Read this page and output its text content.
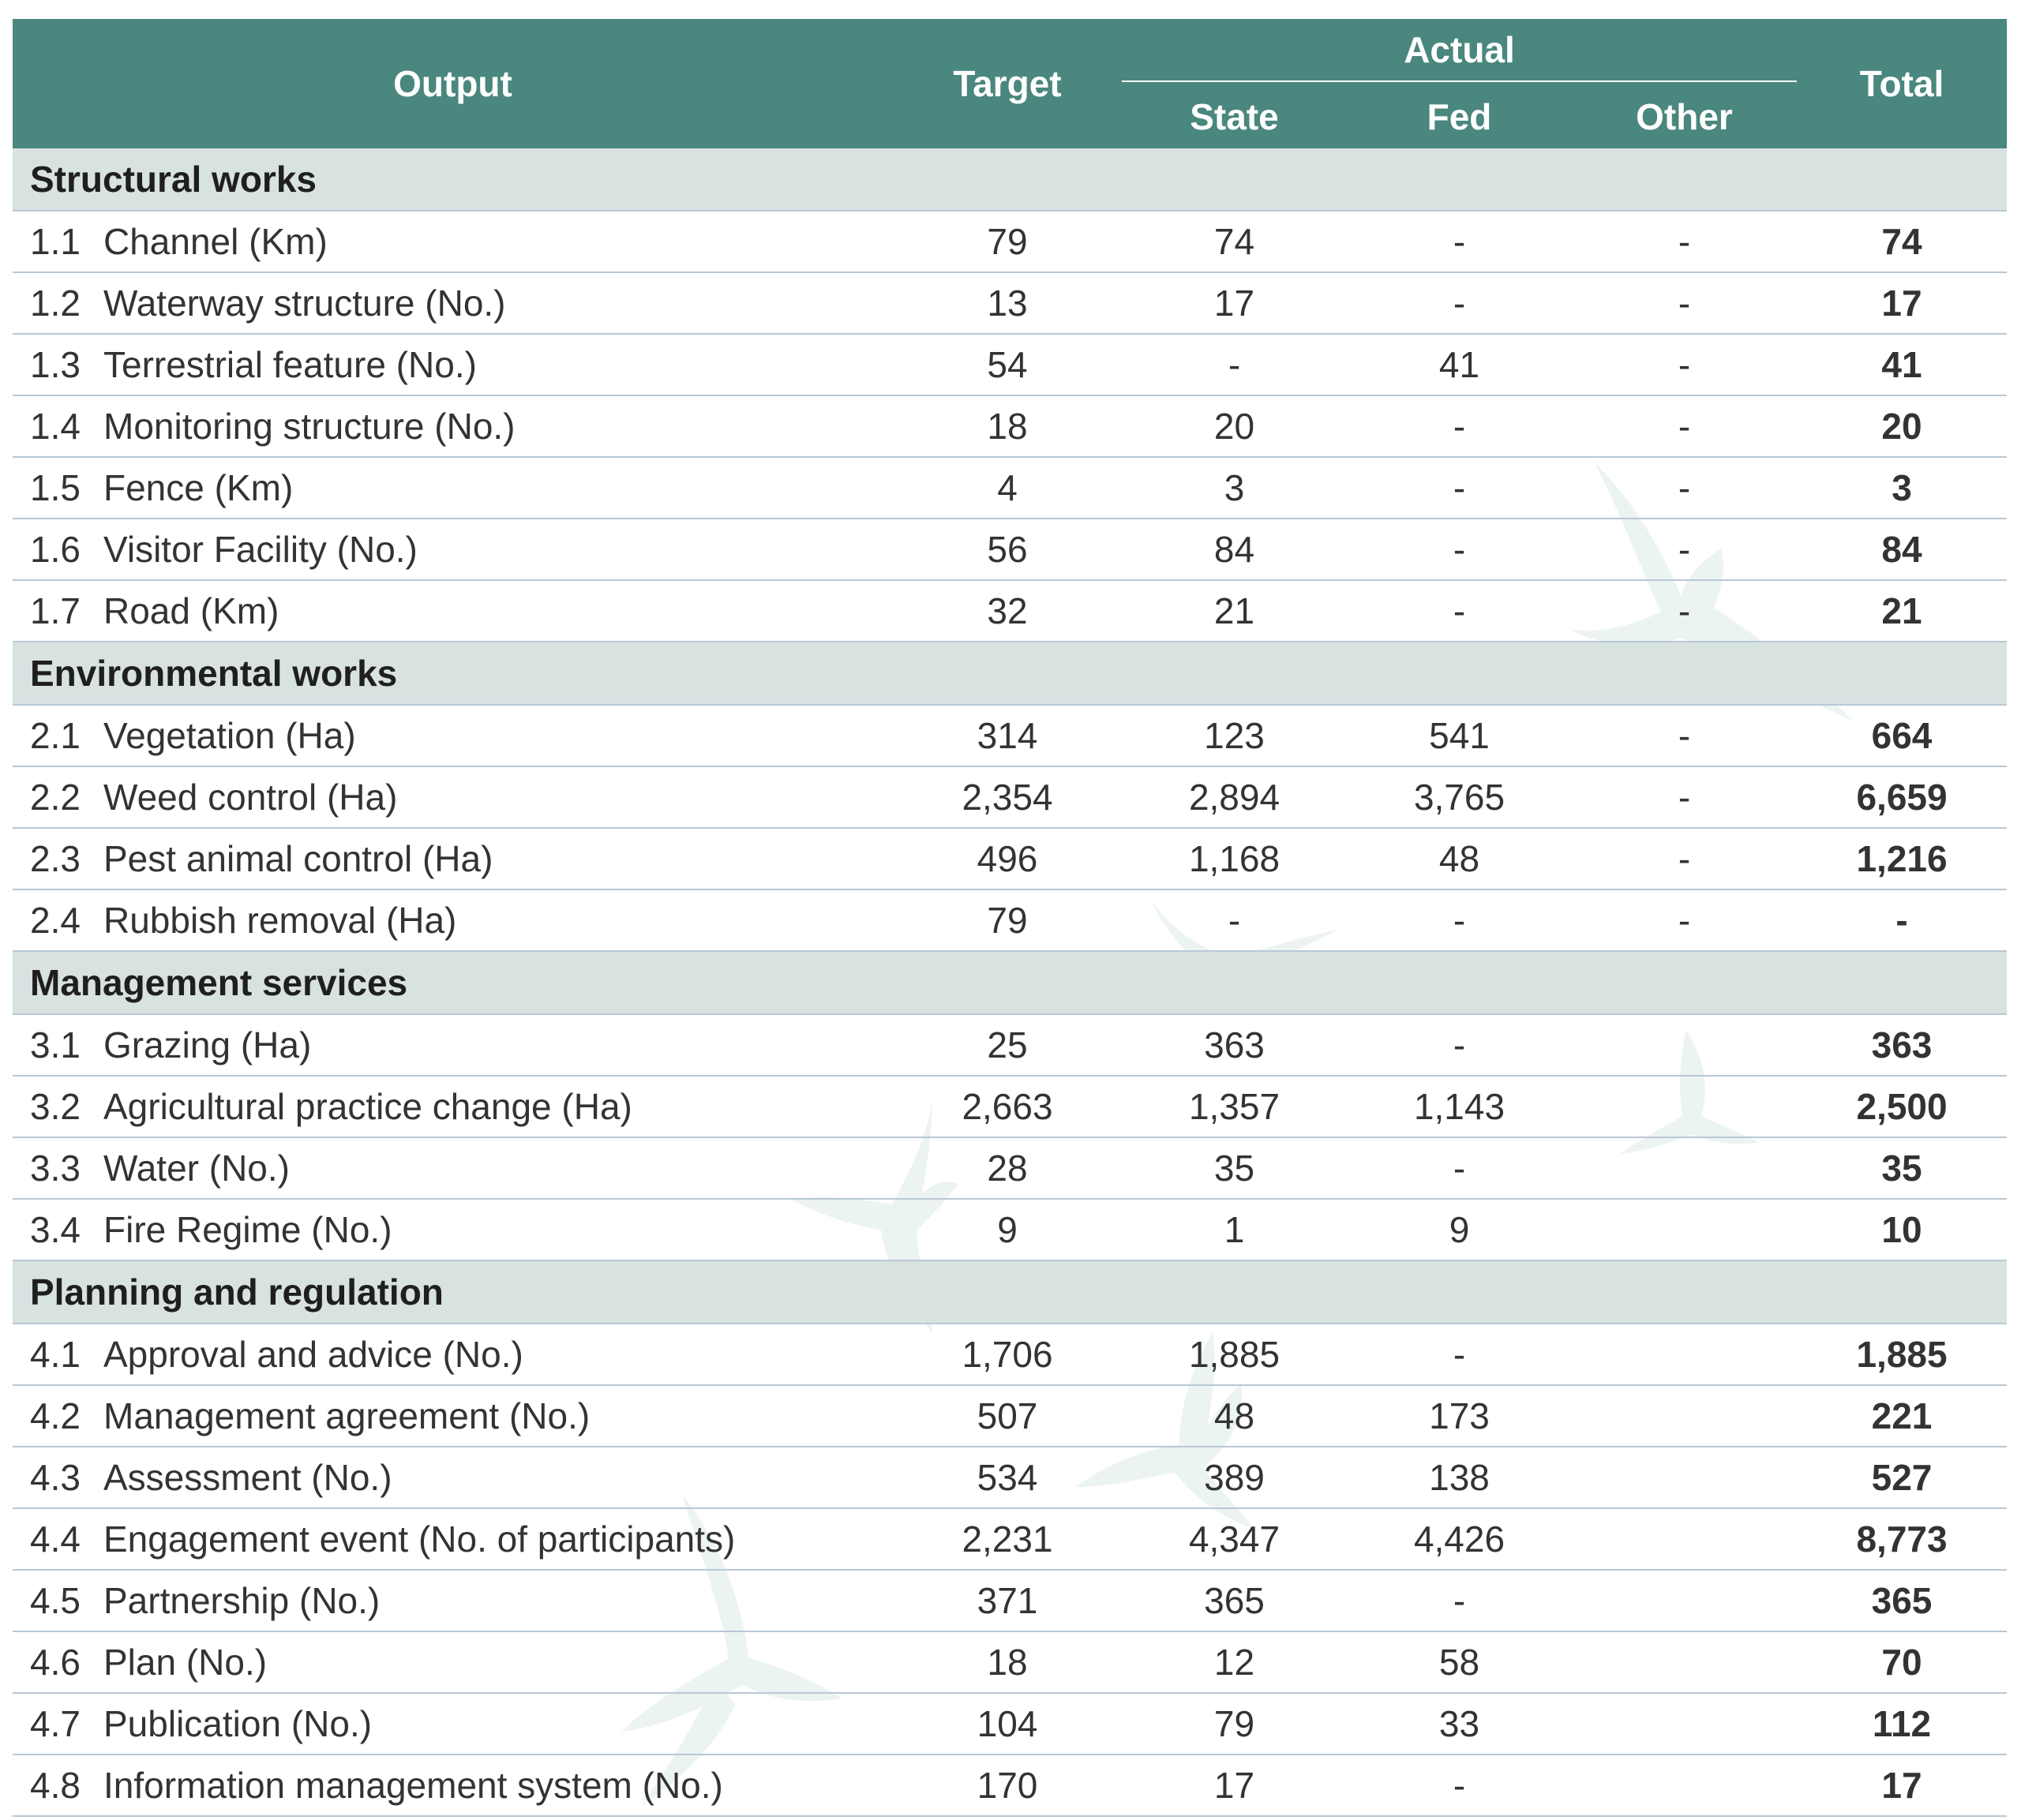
Output		Target	Actual			Total
			State	Fed	Other	
Structural works						
1.1	Channel (Km)	79	74	-	-	74
1.2	Waterway structure (No.)	13	17	-	-	17
1.3	Terrestrial feature (No.)	54	-	41	-	41
1.4	Monitoring structure (No.)	18	20	-	-	20
1.5	Fence (Km)	4	3	-	-	3
1.6	Visitor Facility (No.)	56	84	-	-	84
1.7	Road (Km)	32	21	-	-	21
Environmental works						
2.1	Vegetation (Ha)	314	123	541	-	664
2.2	Weed control (Ha)	2,354	2,894	3,765	-	6,659
2.3	Pest animal control (Ha)	496	1,168	48	-	1,216
2.4	Rubbish removal (Ha)	79	-	-	-	-
Management services						
3.1	Grazing (Ha)	25	363	-		363
3.2	Agricultural practice change (Ha)	2,663	1,357	1,143		2,500
3.3	Water (No.)	28	35	-		35
3.4	Fire Regime (No.)	9	1	9		10
Planning and regulation						
4.1	Approval and advice (No.)	1,706	1,885	-		1,885
4.2	Management agreement (No.)	507	48	173		221
4.3	Assessment (No.)	534	389	138		527
4.4	Engagement event (No. of participants)	2,231	4,347	4,426		8,773
4.5	Partnership (No.)	371	365	-		365
4.6	Plan (No.)	18	12	58		70
4.7	Publication (No.)	104	79	33		112
4.8	Information management system (No.)	170	17	-		17
